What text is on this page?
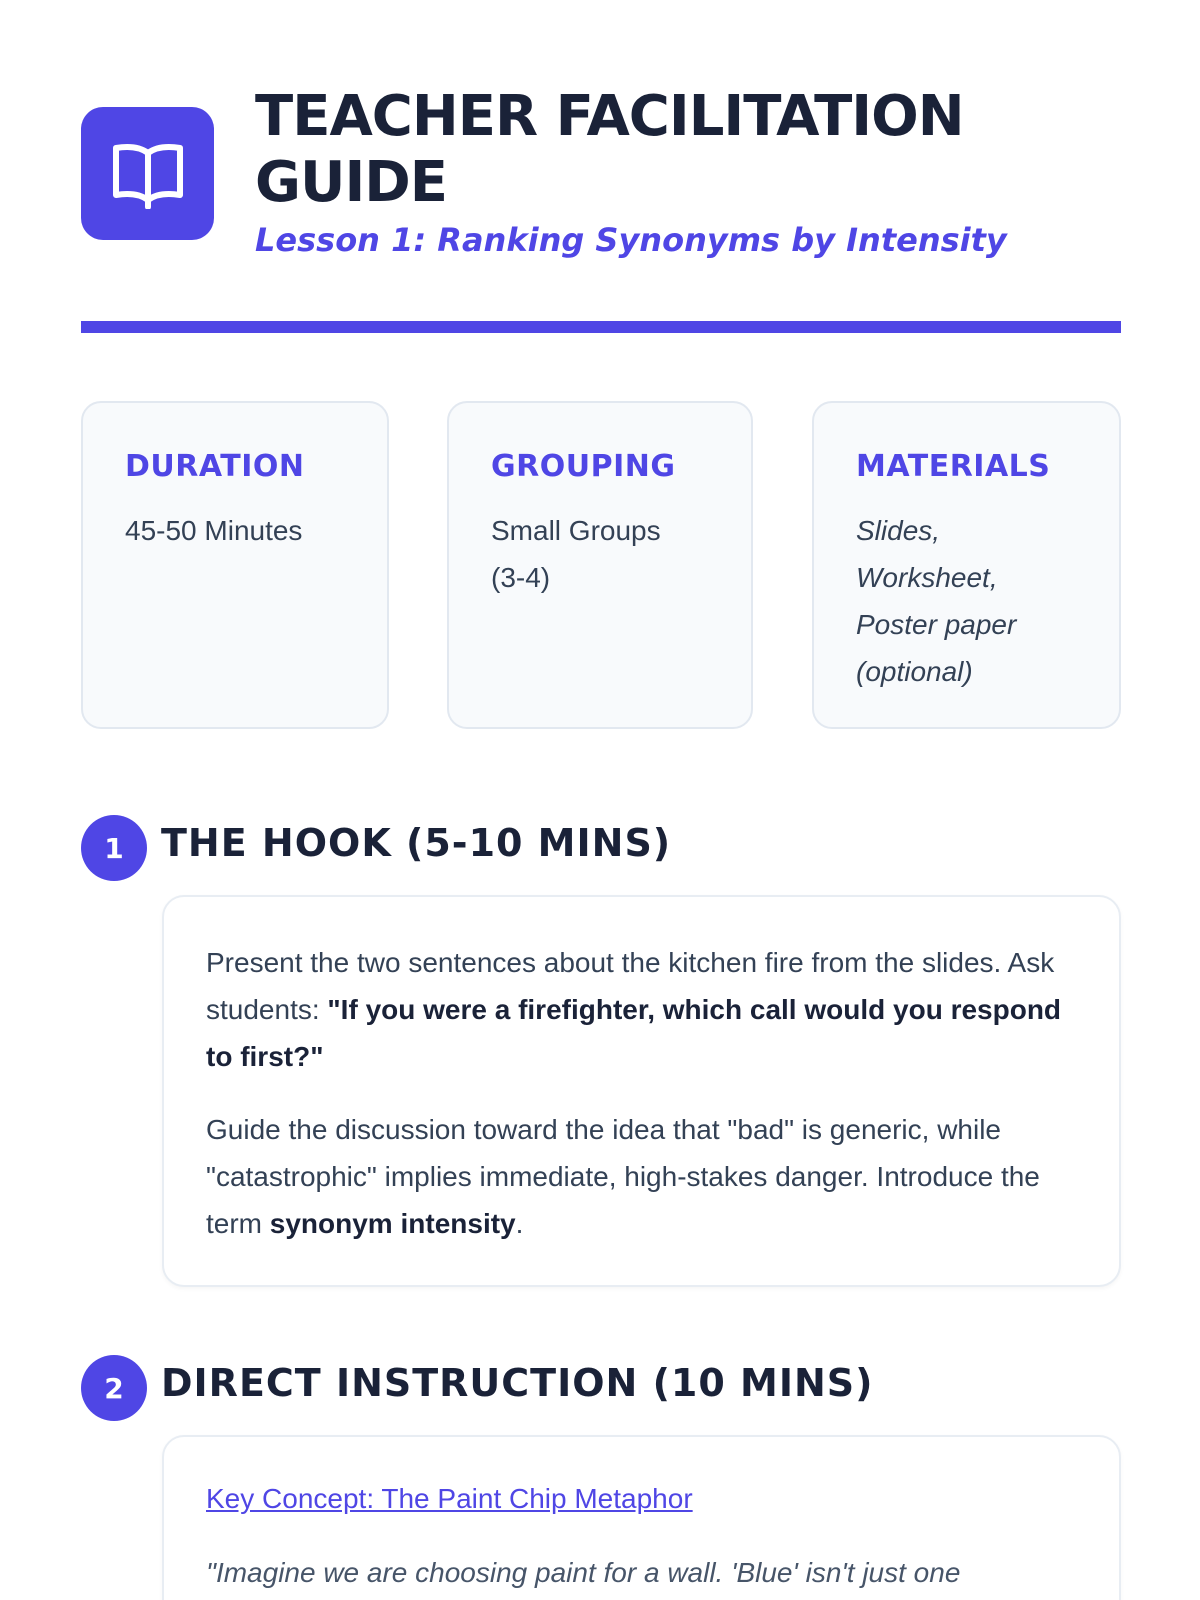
TEACHER FACILITATION
GUIDE

Lesson 1: Ranking Synonyms by Intensity

DURATION

45-50 Minutes

GROUPING

Small Groups
(3-4)

MATERIALS

Slides,
Worksheet,
Poster paper
(optional)

1 THE HOOK (5-10 MINS)

Present the two sentences about the kitchen fire from the slides. Ask students: "If you were a firefighter, which call would you respond to first?"

Guide the discussion toward the idea that "bad" is generic, while "catastrophic" implies immediate, high-stakes danger. Introduce the term synonym intensity.

2 DIRECT INSTRUCTION (10 MINS)

Key Concept: The Paint Chip Metaphor

"Imagine we are choosing paint for a wall. 'Blue' isn't just one
